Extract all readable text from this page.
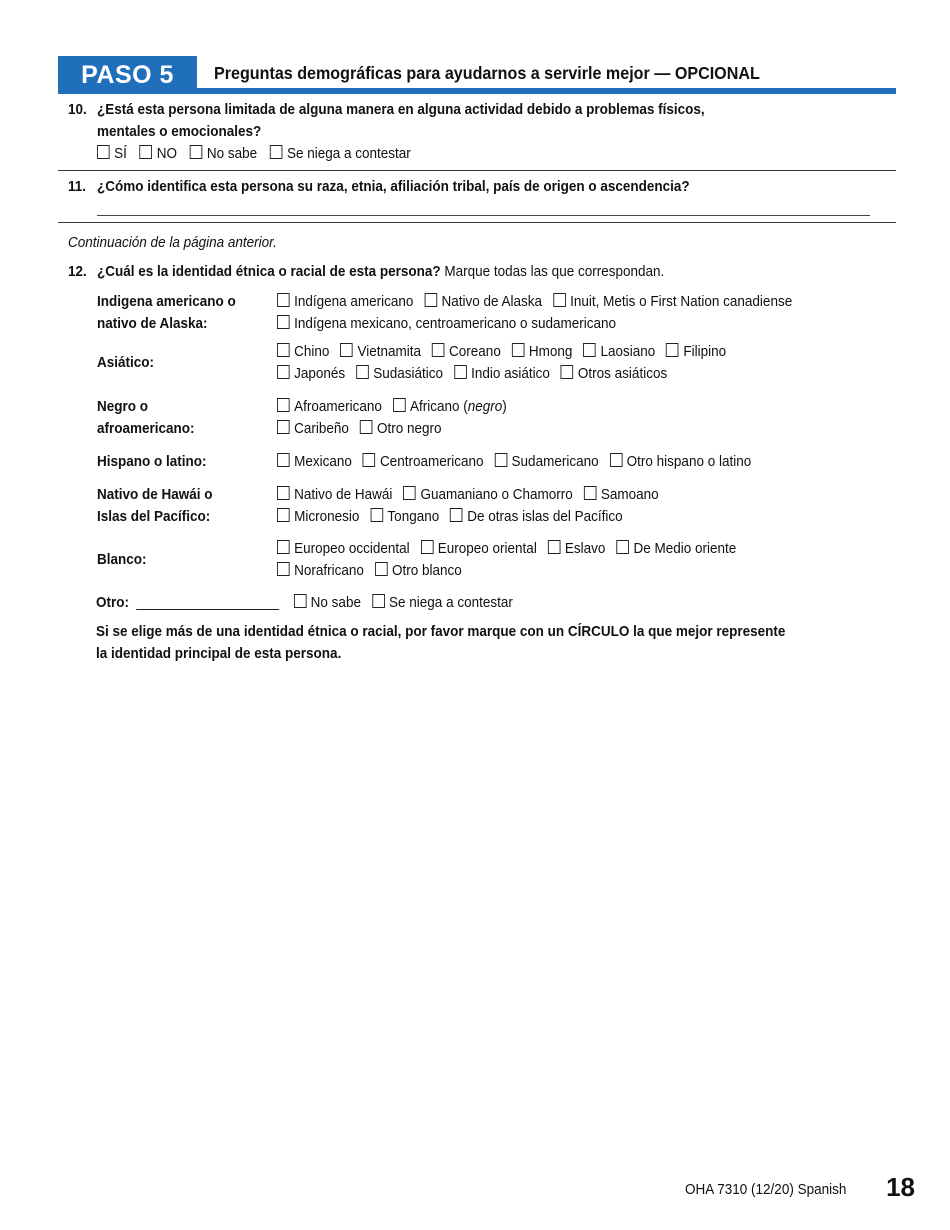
PASO 5	Preguntas demográficas para ayudarnos a servirle mejor — OPCIONAL
10. ¿Está esta persona limitada de alguna manera en alguna actividad debido a problemas físicos,
mentales o emocionales?
SÍ NO No sabe Se niega a contestar
11. ¿Cómo identifica esta persona su raza, etnia, afiliación tribal, país de origen o ascendencia?
Continuación de la página anterior.
12. ¿Cuál es la identidad étnica o racial de esta persona? Marque todas las que correspondan.
Indigena americano o
nativo de Alaska:
Indígena americano Nativo de Alaska Inuit, Metis o First Nation canadiense
Indígena mexicano, centroamericano o sudamericano
Asiático:
Chino Vietnamita Coreano Hmong Laosiano Filipino
Japonés Sudasiático Indio asiático Otros asiáticos
Negro o
afroamericano:
Afroamericano Africano (negro)
Caribeño Otro negro
Hispano o latino:	Mexicano Centroamericano Sudamericano Otro hispano o latino
Nativo de Hawái o
Islas del Pacífico:
Nativo de Hawái Guamaniano o Chamorro Samoano
Micronesio Tongano De otras islas del Pacífico
Blanco:
Europeo occidental Europeo oriental Eslavo De Medio oriente
Norafricano Otro blanco
Otro: ___________________ No sabe Se niega a contestar
Si se elige más de una identidad étnica o racial, por favor marque con un CÍRCULO la que mejor represente
la identidad principal de esta persona.
OHA 7310 (12/20) Spanish 18
